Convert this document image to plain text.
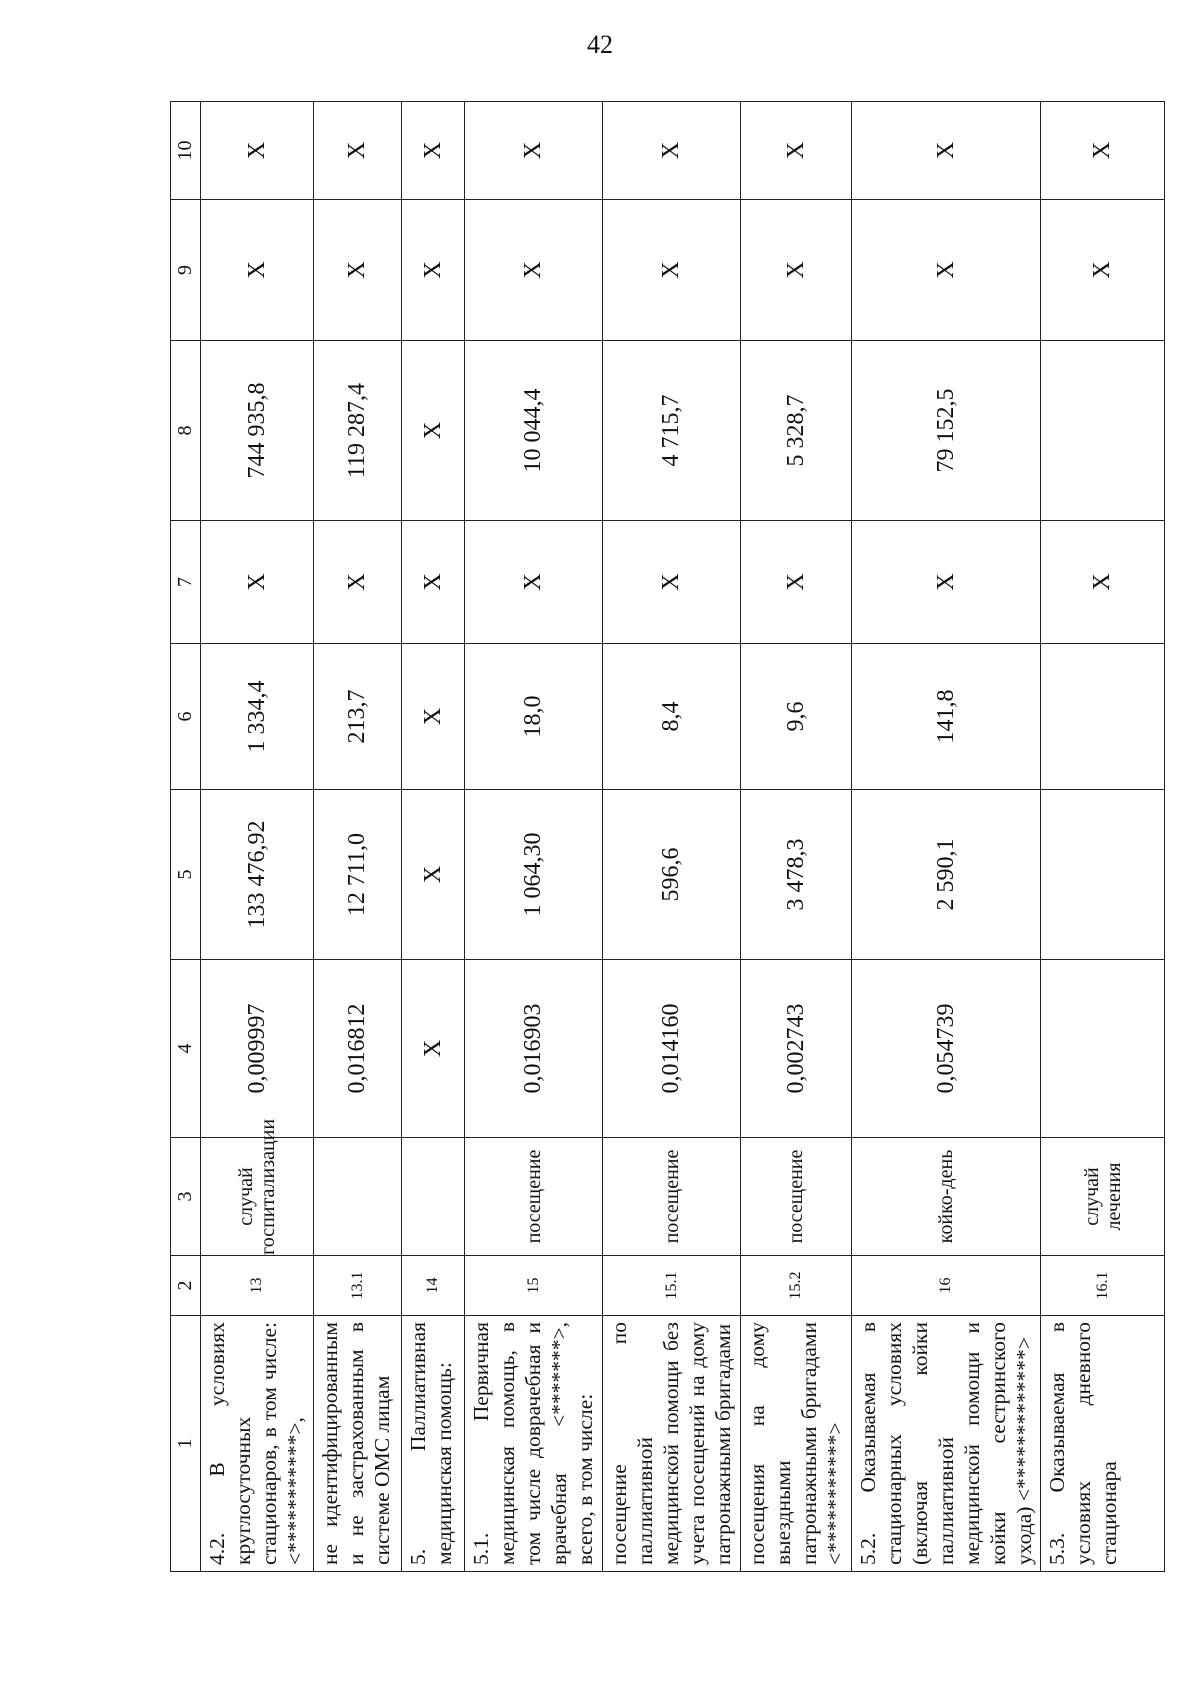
42
1	2	3	4	5	6	7	8	9	10
4.2. В условиях круглосуточных стационаров, в том числе: <***********>,	13	случай госпитализации	0,009997	133 476,92	1 334,4	X	744 935,8	X	X
не идентифицированным и не застрахованным в системе ОМС лицам	13.1		0,016812	12 711,0	213,7	X	119 287,4	X	X
5. Паллиативная медицинская помощь:	14		X	X	X	X	X	X	X
5.1. Первичная медицинская помощь, в том числе доврачебная и врачебная <*******>, всего, в том числе:	15	посещение	0,016903	1 064,30	18,0	X	10 044,4	X	X
посещение по паллиативной медицинской помощи без учета посещений на дому патронажными бригадами	15.1	посещение	0,014160	596,6	8,4	X	4 715,7	X	X
посещения на дому выездными патронажными бригадами <***********>	15.2	посещение	0,002743	3 478,3	9,6	X	5 328,7	X	X
5.2. Оказываемая в стационарных условиях (включая койки паллиативной медицинской помощи и койки сестринского ухода) <*************>	16	койко-день	0,054739	2 590,1	141,8	X	79 152,5	X	X
5.3. Оказываемая в условиях дневного стационара	16.1	случай лечения				X		X	X
